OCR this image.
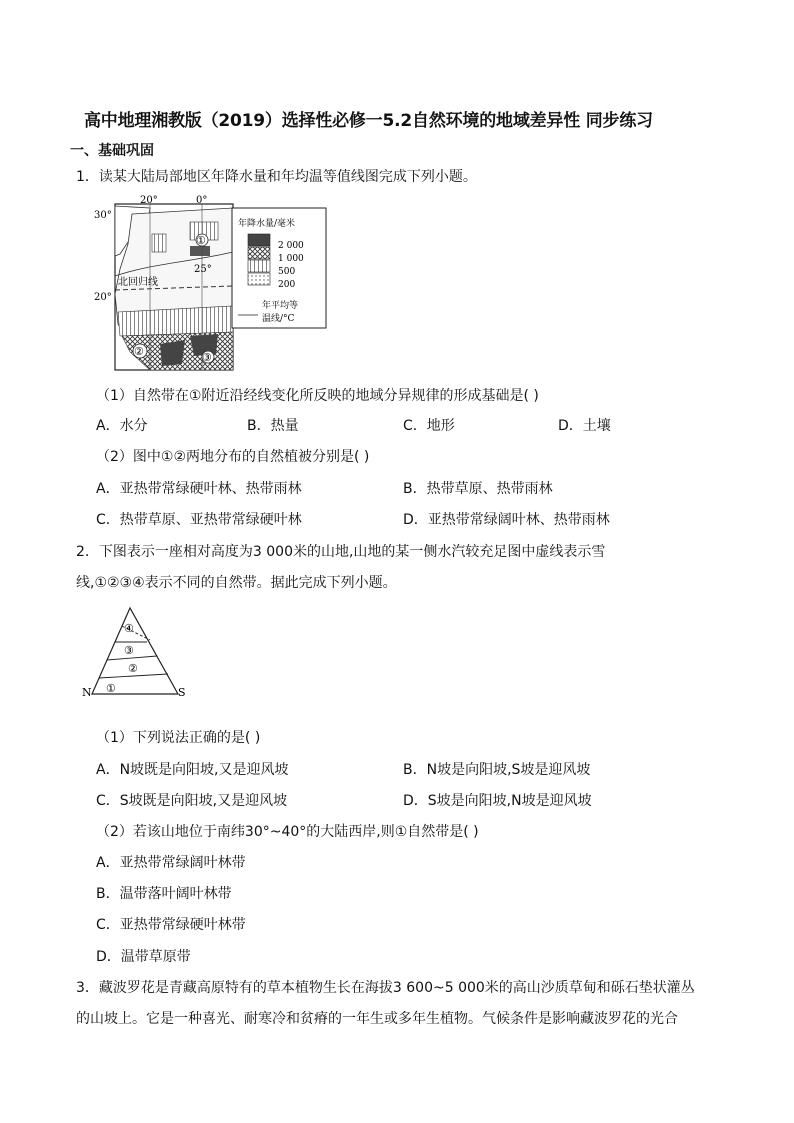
高中地理湘教版（2019）选择性必修一5.2自然环境的地域差异性 同步练习
一、基础巩固
1．读某大陆局部地区年降水量和年均温等值线图完成下列小题。
20°	0°
30°
20°
25°
北回归线
①
②	③
年降水量/毫米
2 000
1 000
500
200
年平均等
温线/°C
（1）自然带在①附近沿经线变化所反映的地域分异规律的形成基础是( )
A．水分	B．热量	C．地形	D．土壤
（2）图中①②两地分布的自然植被分别是( )
A．亚热带常绿硬叶林、热带雨林	B．热带草原、热带雨林
C．热带草原、亚热带常绿硬叶林	D．亚热带常绿阔叶林、热带雨林
2．下图表示一座相对高度为3 000米的山地,山地的某一侧水汽较充足图中虚线表示雪
线,①②③④表示不同的自然带。据此完成下列小题。
④
③
②
①
N	S
（1）下列说法正确的是( )
A．N坡既是向阳坡,又是迎风坡	B．N坡是向阳坡,S坡是迎风坡
C．S坡既是向阳坡,又是迎风坡	D．S坡是向阳坡,N坡是迎风坡
（2）若该山地位于南纬30°~40°的大陆西岸,则①自然带是( )
A．亚热带常绿阔叶林带
B．温带落叶阔叶林带
C．亚热带常绿硬叶林带
D．温带草原带
3．藏波罗花是青藏高原特有的草本植物生长在海拔3 600~5 000米的高山沙质草甸和砾石垫状灌丛
的山坡上。它是一种喜光、耐寒冷和贫瘠的一年生或多年生植物。气候条件是影响藏波罗花的光合
